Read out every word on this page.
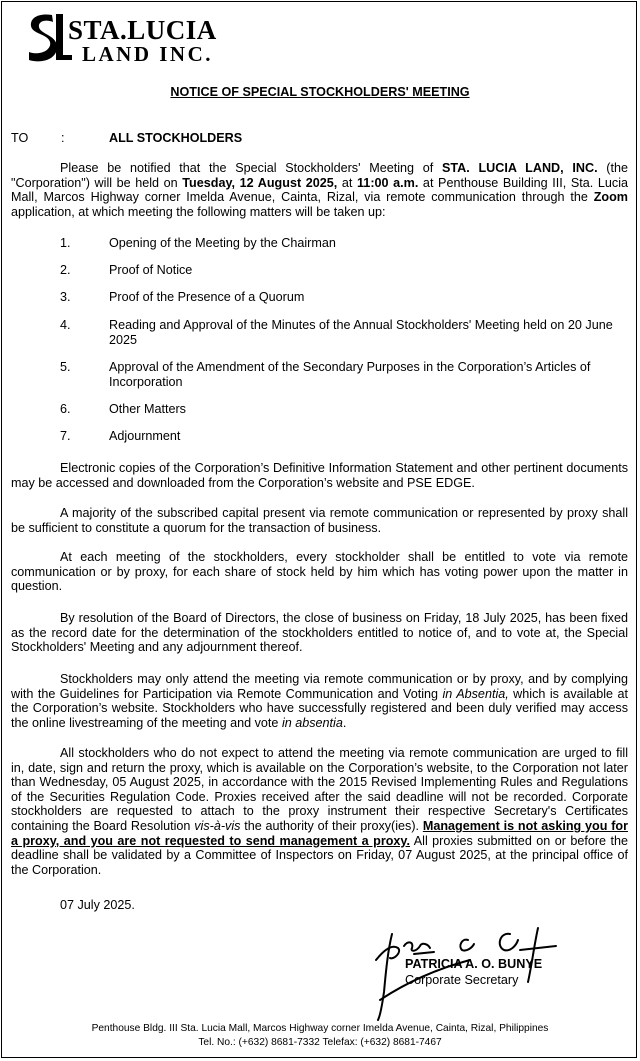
STA.LUCIA
LAND INC.
NOTICE OF SPECIAL STOCKHOLDERS' MEETING
TO	:	ALL STOCKHOLDERS

Please be notified that the Special Stockholders' Meeting of STA. LUCIA LAND, INC. (the "Corporation") will be held on Tuesday, 12 August 2025, at 11:00 a.m. at Penthouse Building III, Sta. Lucia Mall, Marcos Highway corner Imelda Avenue, Cainta, Rizal, via remote communication through the Zoom application, at which meeting the following matters will be taken up:

1.	Opening of the Meeting by the Chairman
2.	Proof of Notice
3.	Proof of the Presence of a Quorum
4.	Reading and Approval of the Minutes of the Annual Stockholders' Meeting held on 20 June 2025
5.	Approval of the Amendment of the Secondary Purposes in the Corporation’s Articles of Incorporation
6.	Other Matters
7.	Adjournment

Electronic copies of the Corporation’s Definitive Information Statement and other pertinent documents may be accessed and downloaded from the Corporation’s website and PSE EDGE.

A majority of the subscribed capital present via remote communication or represented by proxy shall be sufficient to constitute a quorum for the transaction of business.

At each meeting of the stockholders, every stockholder shall be entitled to vote via remote communication or by proxy, for each share of stock held by him which has voting power upon the matter in question.

By resolution of the Board of Directors, the close of business on Friday, 18 July 2025, has been fixed as the record date for the determination of the stockholders entitled to notice of, and to vote at, the Special Stockholders' Meeting and any adjournment thereof.

Stockholders may only attend the meeting via remote communication or by proxy, and by complying with the Guidelines for Participation via Remote Communication and Voting in Absentia, which is available at the Corporation’s website. Stockholders who have successfully registered and been duly verified may access the online livestreaming of the meeting and vote in absentia.

All stockholders who do not expect to attend the meeting via remote communication are urged to fill in, date, sign and return the proxy, which is available on the Corporation’s website, to the Corporation not later than Wednesday, 05 August 2025, in accordance with the 2015 Revised Implementing Rules and Regulations of the Securities Regulation Code. Proxies received after the said deadline will not be recorded. Corporate stockholders are requested to attach to the proxy instrument their respective Secretary's Certificates containing the Board Resolution vis-à-vis the authority of their proxy(ies). Management is not asking you for a proxy, and you are not requested to send management a proxy. All proxies submitted on or before the deadline shall be validated by a Committee of Inspectors on Friday, 07 August 2025, at the principal office of the Corporation.

07 July 2025.
PATRICIA A. O. BUNYE
Corporate Secretary
Penthouse Bldg. III Sta. Lucia Mall, Marcos Highway corner Imelda Avenue, Cainta, Rizal, Philippines
Tel. No.: (+632) 8681-7332 Telefax: (+632) 8681-7467
